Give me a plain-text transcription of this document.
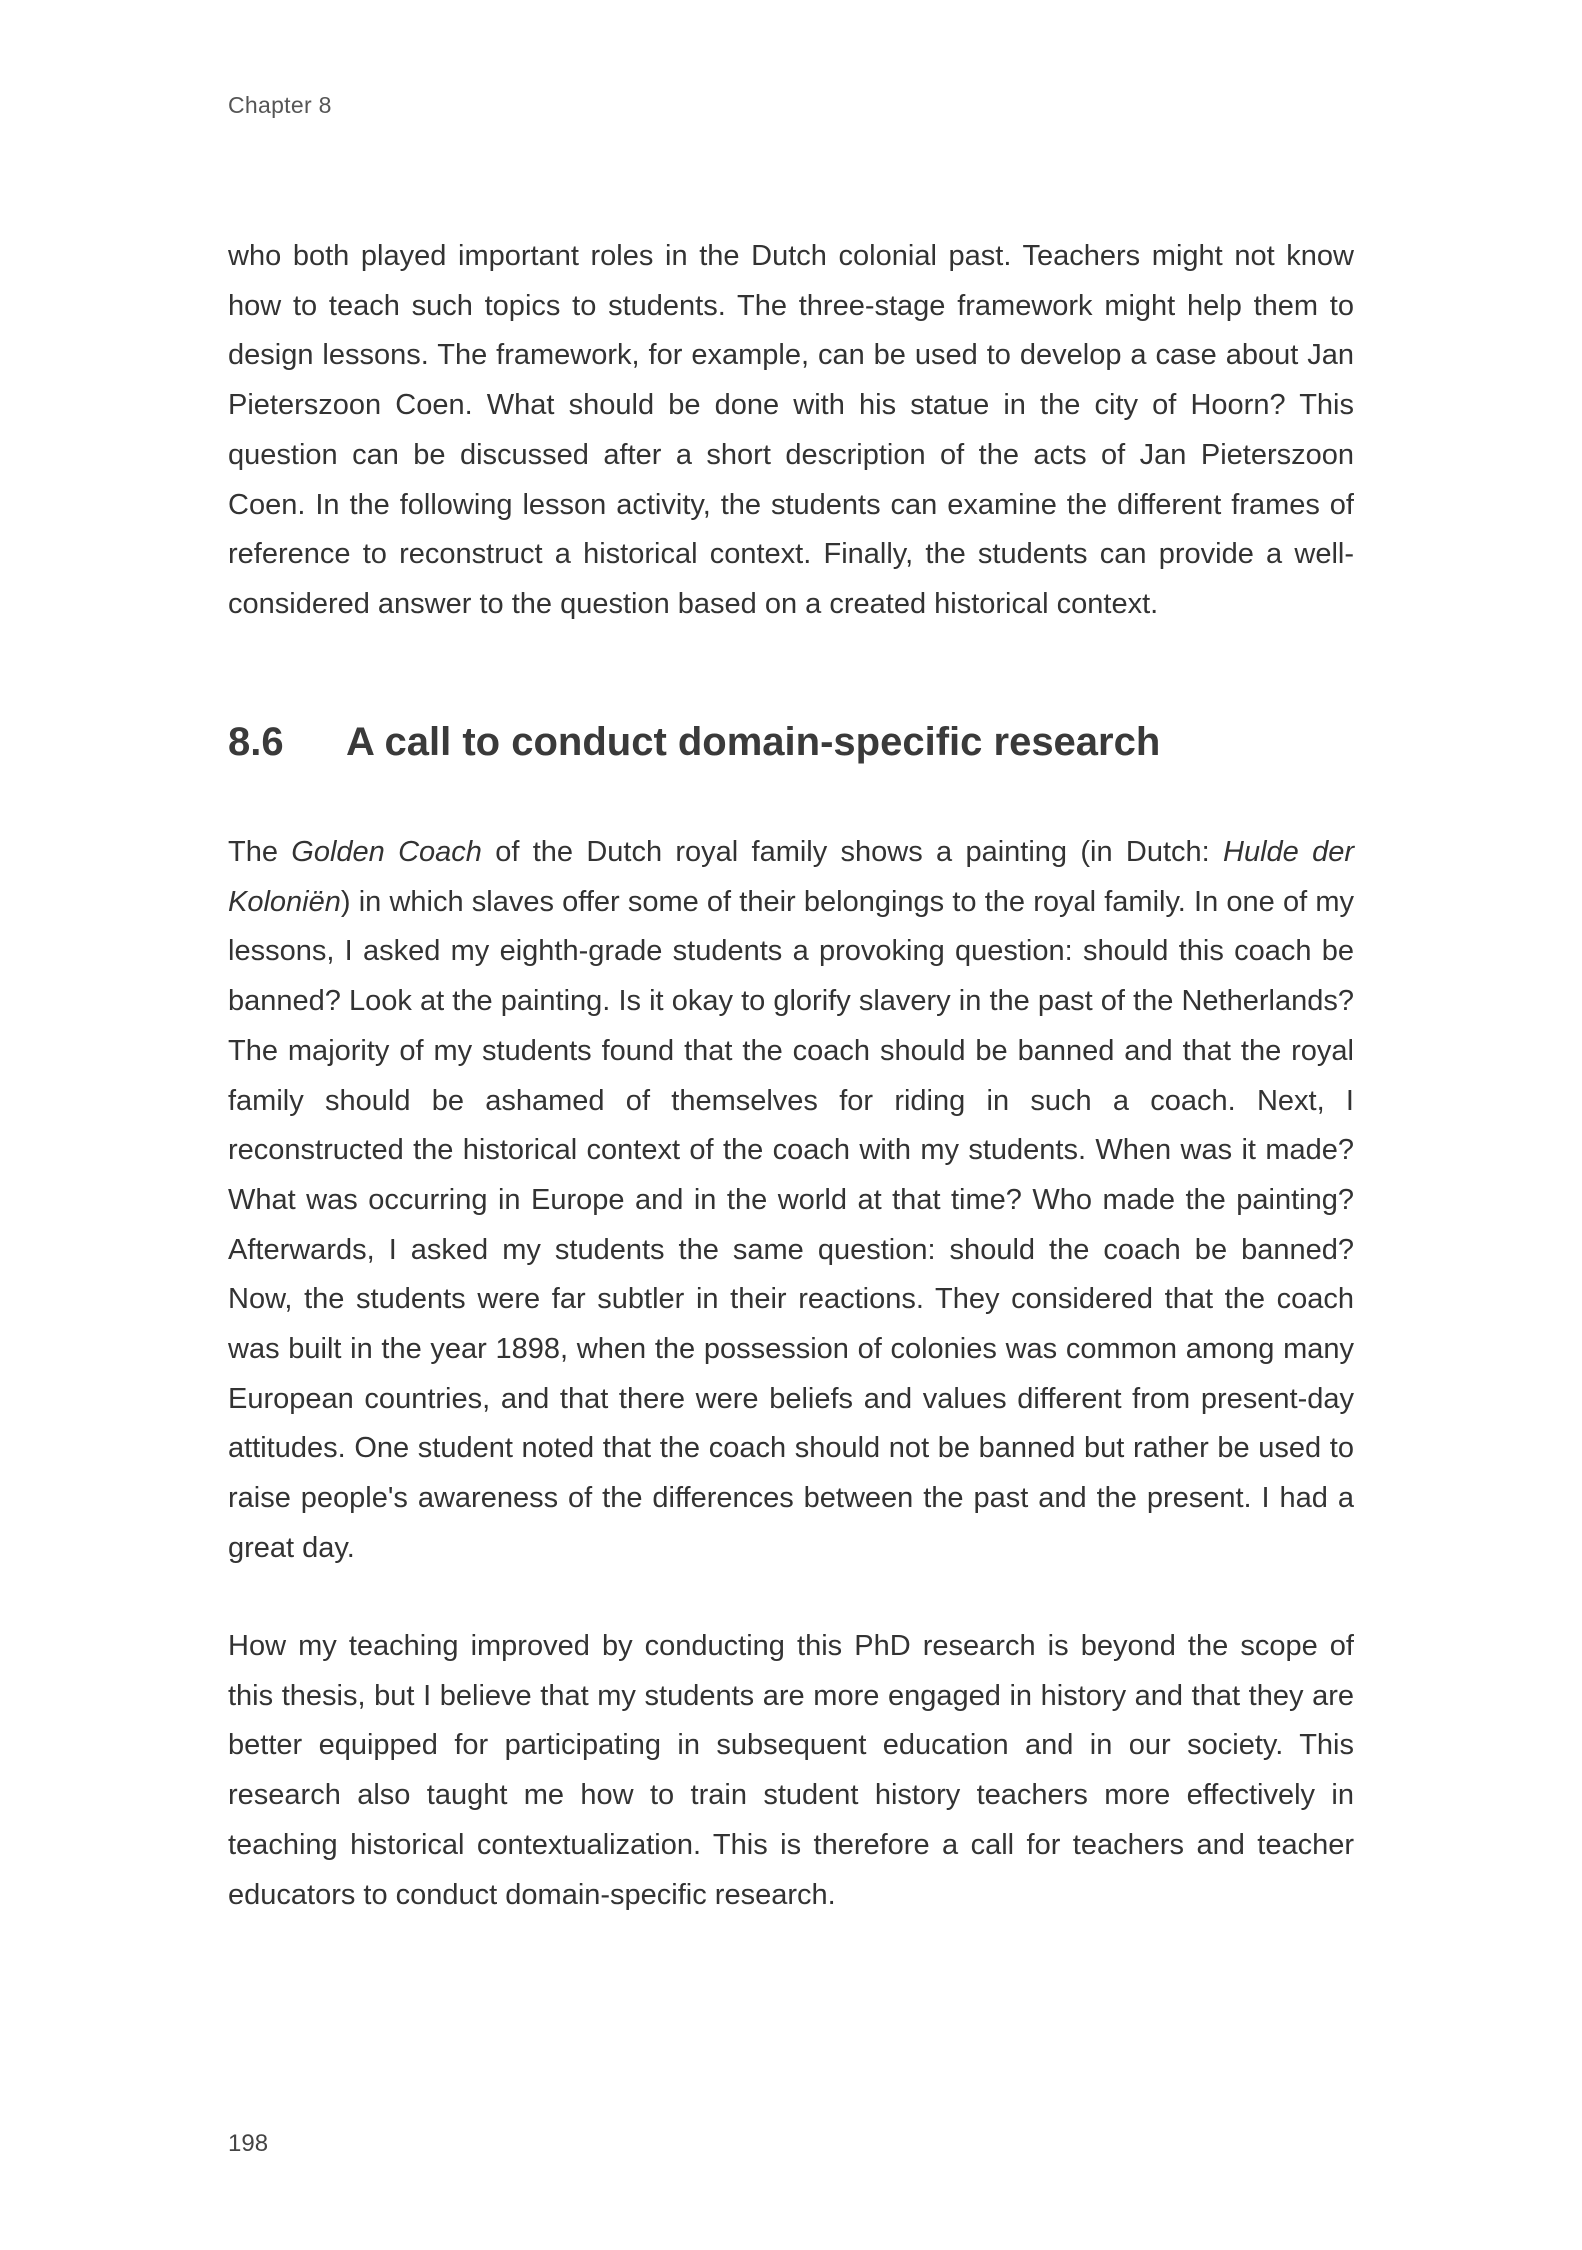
Chapter 8

who both played important roles in the Dutch colonial past. Teachers might not know how to teach such topics to students. The three-stage framework might help them to design lessons. The framework, for example, can be used to develop a case about Jan Pieterszoon Coen. What should be done with his statue in the city of Hoorn? This question can be discussed after a short description of the acts of Jan Pieterszoon Coen. In the following lesson activity, the students can examine the different frames of reference to reconstruct a historical context. Finally, the students can provide a well-considered answer to the question based on a created historical context.

8.6	A call to conduct domain-specific research

The Golden Coach of the Dutch royal family shows a painting (in Dutch: Hulde der Koloniën) in which slaves offer some of their belongings to the royal family. In one of my lessons, I asked my eighth-grade students a provoking question: should this coach be banned? Look at the painting. Is it okay to glorify slavery in the past of the Netherlands? The majority of my students found that the coach should be banned and that the royal family should be ashamed of themselves for riding in such a coach. Next, I reconstructed the historical context of the coach with my students. When was it made? What was occurring in Europe and in the world at that time? Who made the painting? Afterwards, I asked my students the same question: should the coach be banned? Now, the students were far subtler in their reactions. They considered that the coach was built in the year 1898, when the possession of colonies was common among many European countries, and that there were beliefs and values different from present-day attitudes. One student noted that the coach should not be banned but rather be used to raise people's awareness of the differences between the past and the present. I had a great day.

How my teaching improved by conducting this PhD research is beyond the scope of this thesis, but I believe that my students are more engaged in history and that they are better equipped for participating in subsequent education and in our society. This research also taught me how to train student history teachers more effectively in teaching historical contextualization. This is therefore a call for teachers and teacher educators to conduct domain-specific research.

198
